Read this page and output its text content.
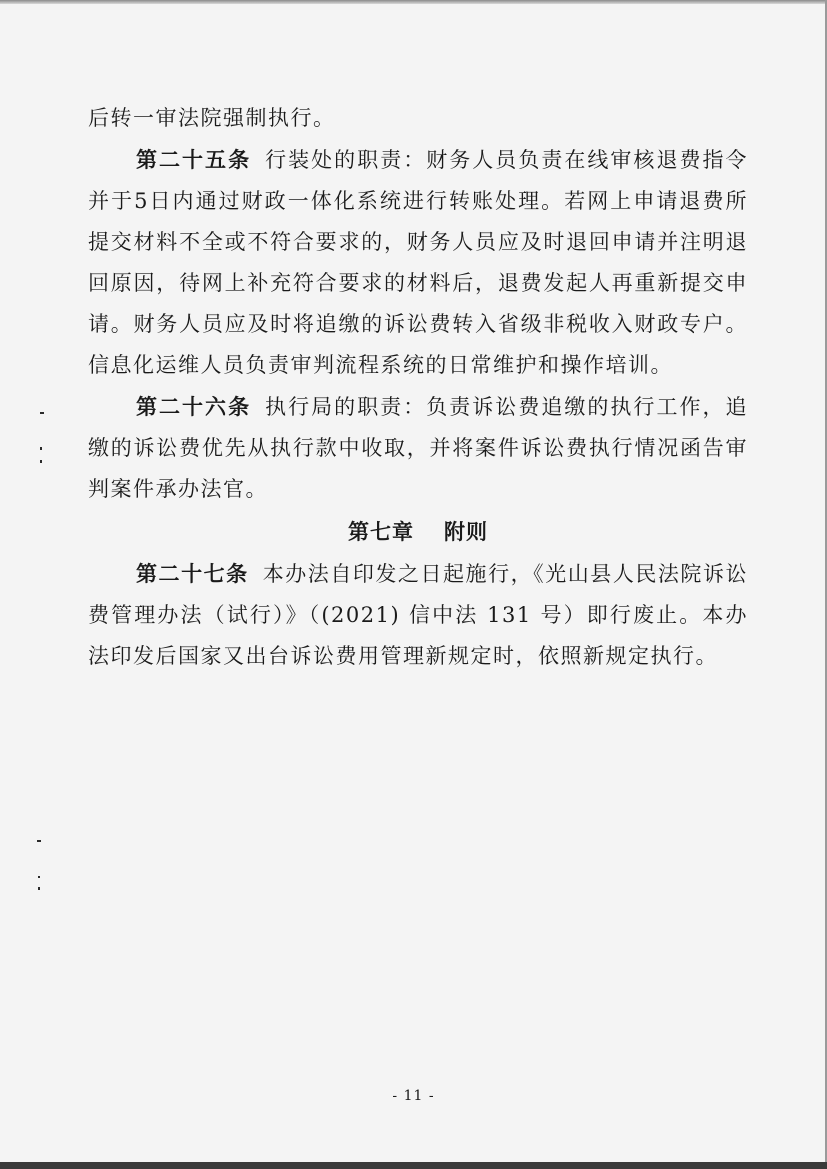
后转一审法院强制执行。

第二十五条 行装处的职责：财务人员负责在线审核退费指令并于5日内通过财政一体化系统进行转账处理。若网上申请退费所提交材料不全或不符合要求的，财务人员应及时退回申请并注明退回原因，待网上补充符合要求的材料后，退费发起人再重新提交申请。财务人员应及时将追缴的诉讼费转入省级非税收入财政专户。信息化运维人员负责审判流程系统的日常维护和操作培训。

第二十六条 执行局的职责：负责诉讼费追缴的执行工作，追缴的诉讼费优先从执行款中收取，并将案件诉讼费执行情况函告审判案件承办法官。

第七章 附则

第二十七条 本办法自印发之日起施行，《光山县人民法院诉讼费管理办法（试行）》（(2021) 信中法 131 号）即行废止。本办法印发后国家又出台诉讼费用管理新规定时，依照新规定执行。

- 11 -
